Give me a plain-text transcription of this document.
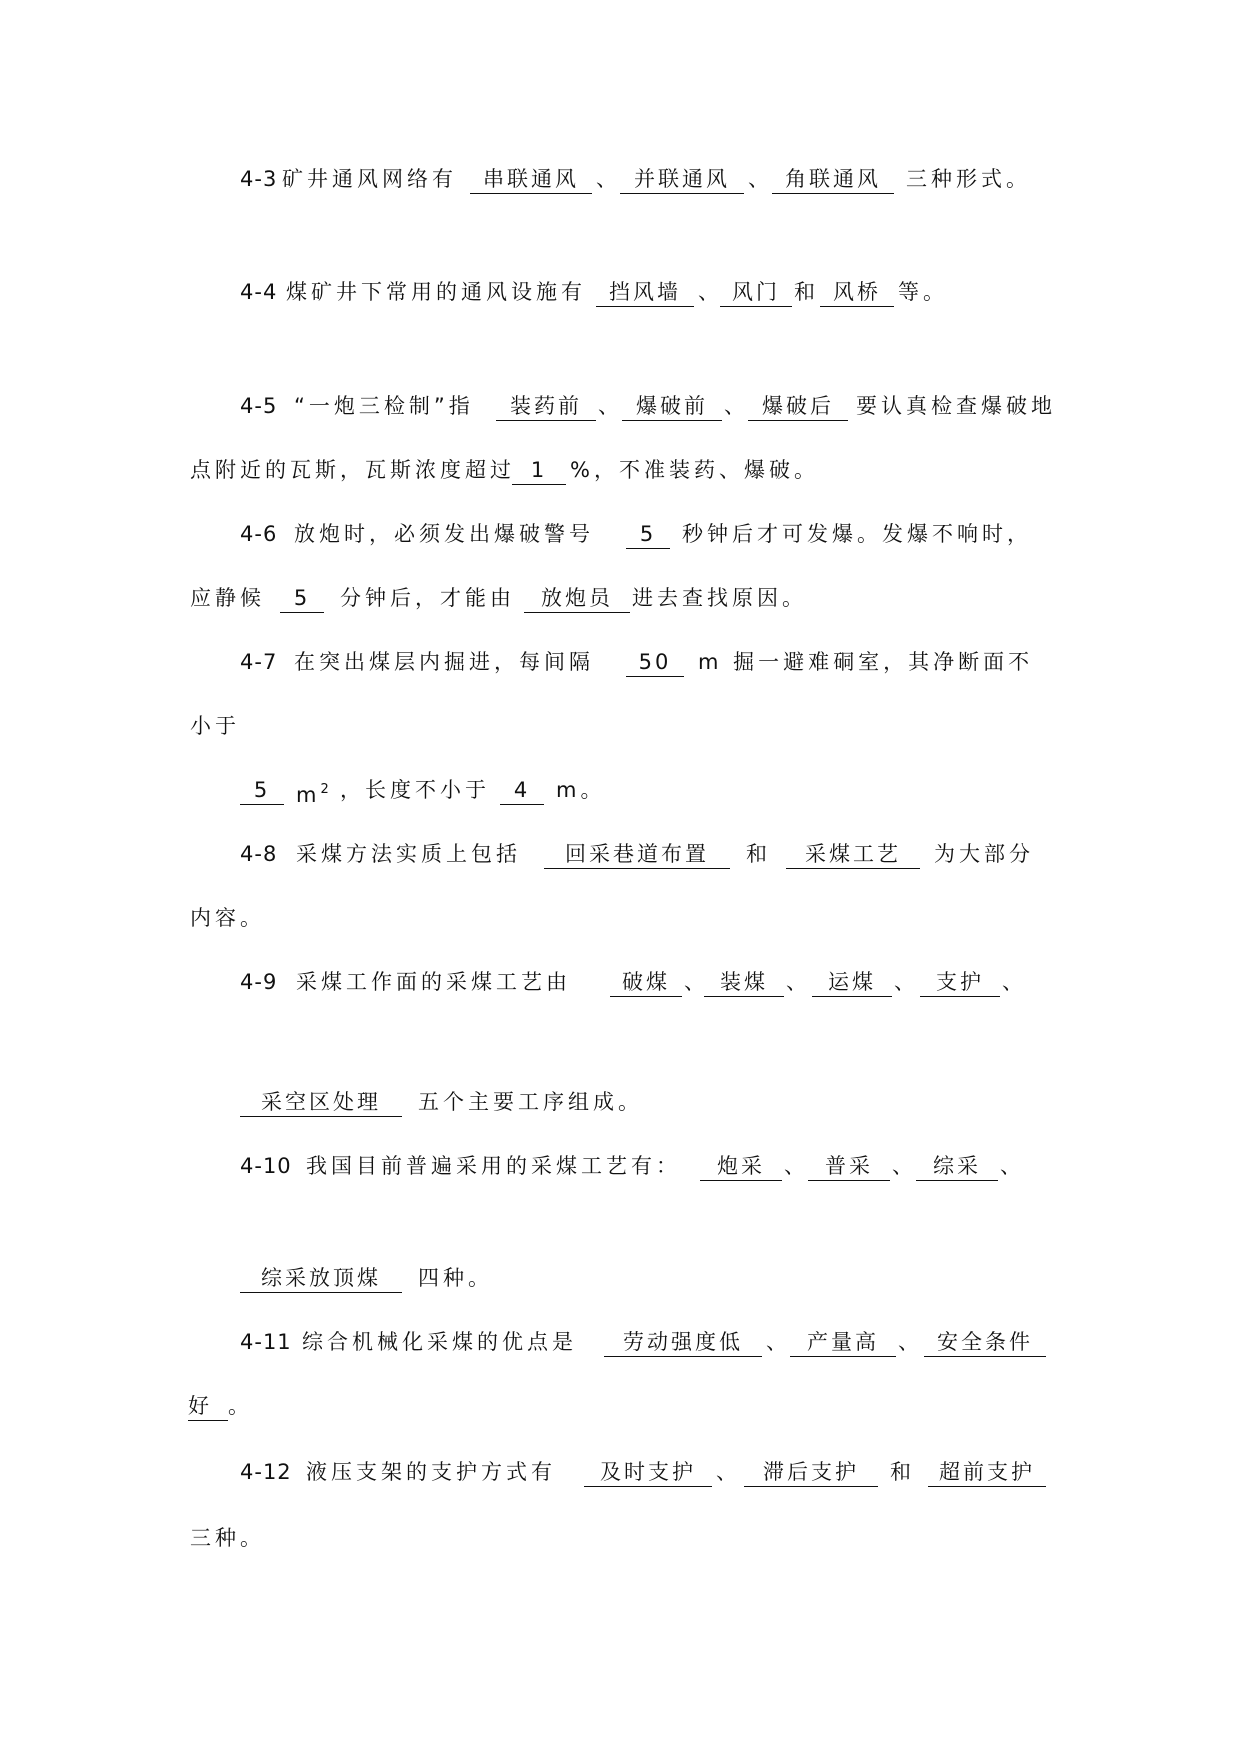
4-3 矿井通风网络有	串联通风 、 并联通风 、 角联通风	三种形式。
4-4 煤矿井下常用的通风设施有	挡风墙 、 风门 和 风桥 等。
4-5 “一炮三检制”指	装药前 、 爆破前 、 爆破后	要认真检查爆破地
点附近的瓦斯，瓦斯浓度超过 1	%，不准装药、爆破。
4-6 放炮时，必须发出爆破警号	5	秒钟后才可发爆。发爆不响时，
应静候	5	分钟后，才能由	放炮员 进去查找原因。
4-7 在突出煤层内掘进，每间隔	50	m 掘一避难硐室，其净断面不
小于
5	$m^2$ ，长度不小于	4	m。
4-8 采煤方法实质上包括	回采巷道布置	和	采煤工艺	为大部分
内容。
4-9 采煤工作面的采煤工艺由	破煤 、 装煤 、 运煤 、 支护 、
采空区处理	五个主要工序组成。
4-10 我国目前普遍采用的采煤工艺有：	炮采 、 普采 、 综采 、
综采放顶煤	四种。
4-11 综合机械化采煤的优点是	劳动强度低	、 产量高 、 安全条件
好 。
4-12 液压支架的支护方式有	及时支护 、	滞后支护	和	超前支护
三种。
